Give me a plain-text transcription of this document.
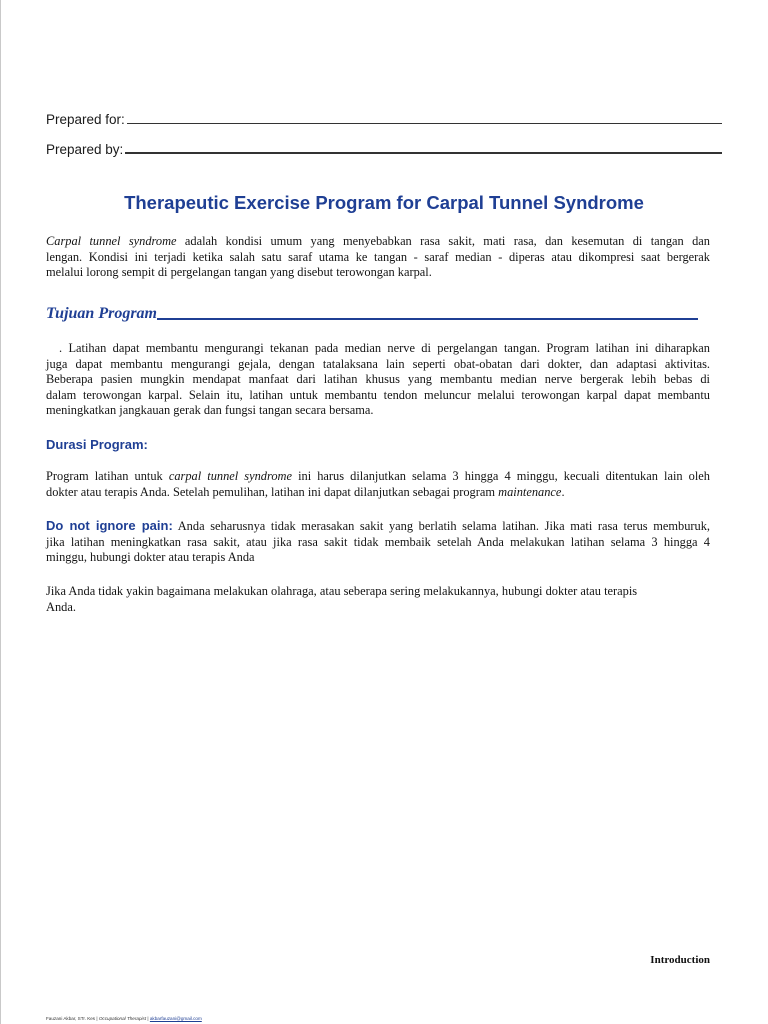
Prepared for:
Prepared by:
Therapeutic Exercise Program for Carpal Tunnel Syndrome
Carpal tunnel syndrome adalah kondisi umum yang menyebabkan rasa sakit, mati rasa, dan kesemutan di tangan dan
lengan. Kondisi ini terjadi ketika salah satu saraf utama ke tangan - saraf median - diperas atau dikompresi saat bergerak
melalui lorong sempit di pergelangan tangan yang disebut terowongan karpal.
Tujuan Program
. Latihan dapat membantu mengurangi tekanan pada median nerve di pergelangan tangan. Program latihan ini diharapkan
juga dapat membantu mengurangi gejala, dengan tatalaksana lain seperti obat-obatan dari dokter, dan adaptasi aktivitas.
Beberapa pasien mungkin mendapat manfaat dari latihan khusus yang membantu median nerve bergerak lebih bebas di
dalam terowongan karpal. Selain itu, latihan untuk membantu tendon meluncur melalui terowongan karpal dapat membantu
meningkatkan jangkauan gerak dan fungsi tangan secara bersama.
Durasi Program:
Program latihan untuk carpal tunnel syndrome ini harus dilanjutkan selama 3 hingga 4 minggu, kecuali ditentukan lain oleh
dokter atau terapis Anda. Setelah pemulihan, latihan ini dapat dilanjutkan sebagai program maintenance.
Do not ignore pain: Anda seharusnya tidak merasakan sakit yang berlatih selama latihan. Jika mati rasa terus memburuk,
jika latihan meningkatkan rasa sakit, atau jika rasa sakit tidak membaik setelah Anda melakukan latihan selama 3 hingga 4
minggu, hubungi dokter atau terapis Anda
Jika Anda tidak yakin bagaimana melakukan olahraga, atau seberapa sering melakukannya, hubungi dokter atau terapis
Anda.
Introduction
Fauzani Akbar, STr. Kes | Occupational Therapist | akbarfauzani@gmail.com
